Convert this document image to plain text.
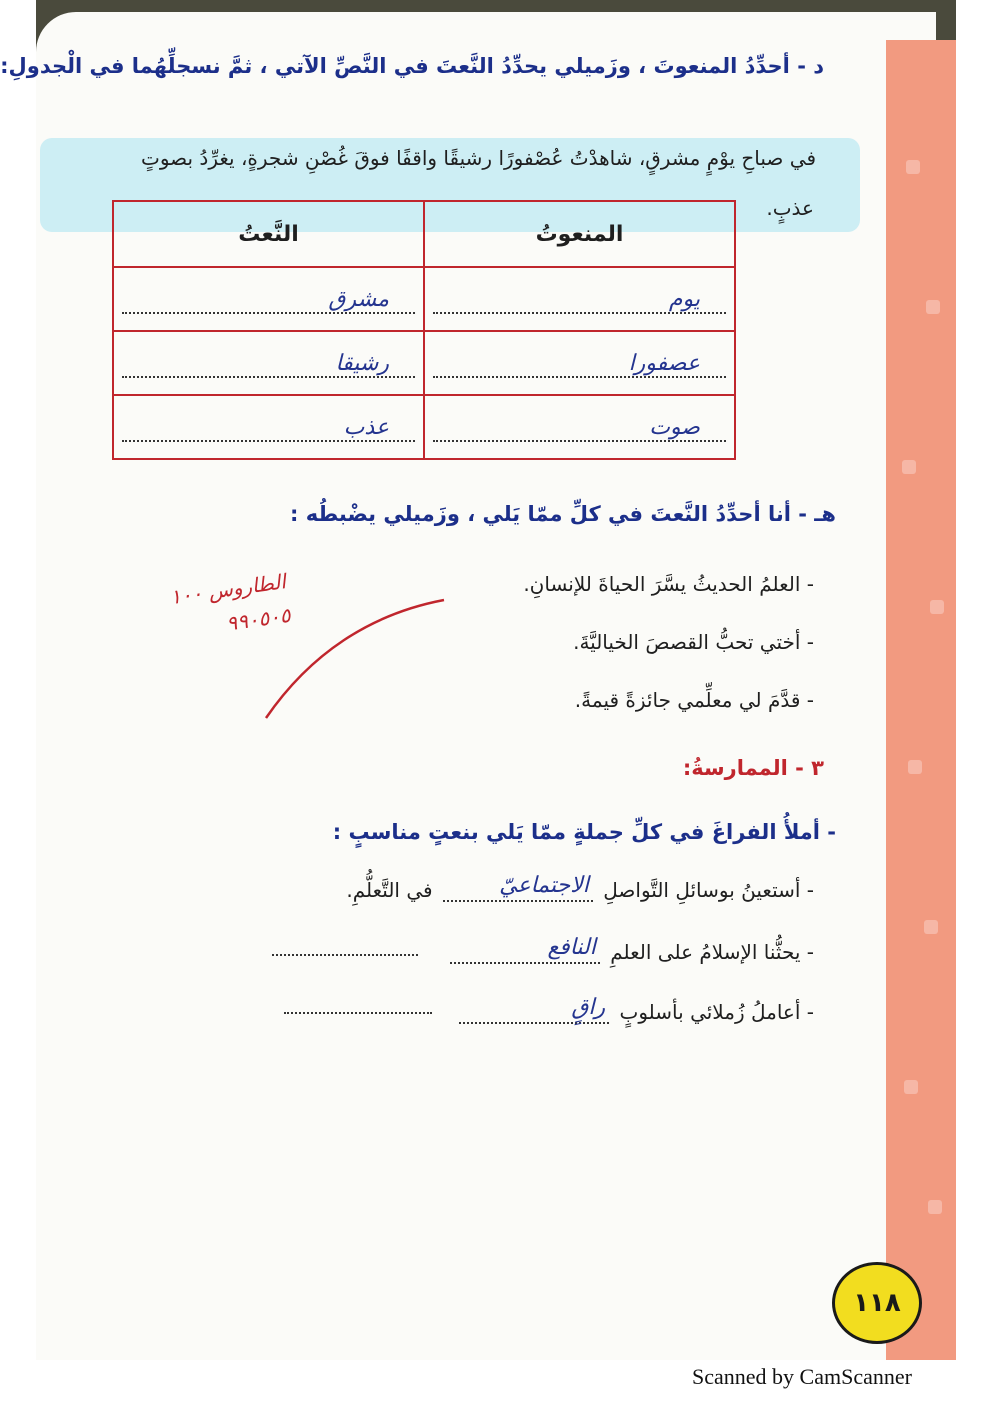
د - أحدِّدُ المنعوتَ ، وزَميلي يحدِّدُ النَّعتَ في النَّصِّ الآتي ، ثمَّ نسجلِّهُما في الْجدولِ:
في صباحِ يوْمٍ مشرقٍ، شاهدْتُ عُصْفورًا رشيقًا واقفًا فوقَ غُصْنِ شجرةٍ، يغرِّدُ بصوتٍ
عذبٍ.
المنعوتُ	النَّعتُ

يوم	مشرق

عصفورا	رشيقا

صوت	عذب
هـ - أنا أحدِّدُ النَّعتَ في كلِّ ممّا يَلي ، وزَميلي يضْبطُه :
- العلمُ الحديثُ يسَّرَ الحياةَ للإنسانِ.
- أختي تحبُّ القصصَ الخياليَّةَ.
- قدَّمَ لي معلِّمي جائزةً قيمةً.
الطاروس ١٠٠
٩٩٠٥٠٥
٣ - الممارسةُ:
- أملأُ الفراغَ في كلِّ جملةٍ ممّا يَلي بنعتٍ مناسبٍ :
- أستعينُ بوسائلِ التَّواصلِ
الاجتماعيّ
في التَّعلُّمِ.
- يحثُّنا الإسلامُ على العلمِ
النافع
- أعاملُ زُملائي بأسلوبٍ
راقٍ
١١٨
Scanned by CamScanner
